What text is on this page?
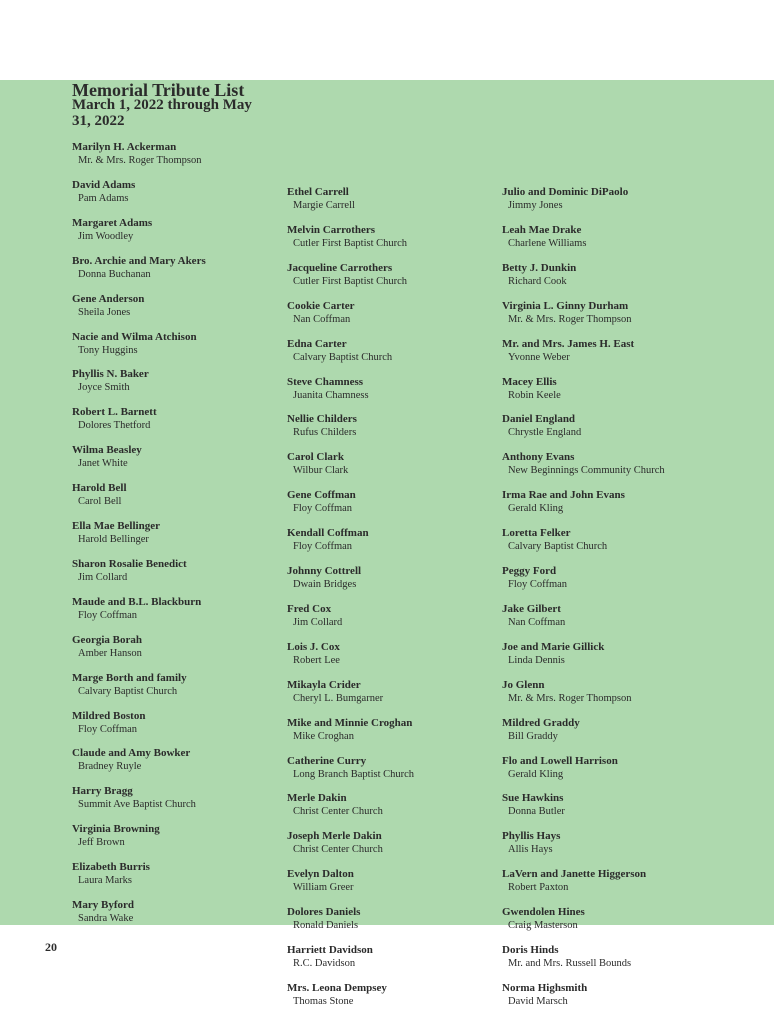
Memorial Tribute List
March 1, 2022 through May 31, 2022
Marilyn H. Ackerman
Mr. & Mrs. Roger Thompson
David Adams
Pam Adams
Margaret Adams
Jim Woodley
Bro. Archie and Mary Akers
Donna Buchanan
Gene Anderson
Sheila Jones
Nacie and Wilma Atchison
Tony Huggins
Phyllis N. Baker
Joyce Smith
Robert L. Barnett
Dolores Thetford
Wilma Beasley
Janet White
Harold Bell
Carol Bell
Ella Mae Bellinger
Harold Bellinger
Sharon Rosalie Benedict
Jim Collard
Maude and B.L. Blackburn
Floy Coffman
Georgia Borah
Amber Hanson
Marge Borth and family
Calvary Baptist Church
Mildred Boston
Floy Coffman
Claude and Amy Bowker
Bradney Ruyle
Harry Bragg
Summit Ave Baptist Church
Virginia Browning
Jeff Brown
Elizabeth Burris
Laura Marks
Mary Byford
Sandra Wake
Ethel Carrell
Margie Carrell
Melvin Carrothers
Cutler First Baptist Church
Jacqueline Carrothers
Cutler First Baptist Church
Cookie Carter
Nan Coffman
Edna Carter
Calvary Baptist Church
Steve Chamness
Juanita Chamness
Nellie Childers
Rufus Childers
Carol Clark
Wilbur Clark
Gene Coffman
Floy Coffman
Kendall Coffman
Floy Coffman
Johnny Cottrell
Dwain Bridges
Fred Cox
Jim Collard
Lois J. Cox
Robert Lee
Mikayla Crider
Cheryl L. Bumgarner
Mike and Minnie Croghan
Mike Croghan
Catherine Curry
Long Branch Baptist Church
Merle Dakin
Christ Center Church
Joseph Merle Dakin
Christ Center Church
Evelyn Dalton
William Greer
Dolores Daniels
Ronald Daniels
Harriett Davidson
R.C. Davidson
Mrs. Leona Dempsey
Thomas Stone
Julio and Dominic DiPaolo
Jimmy Jones
Leah Mae Drake
Charlene Williams
Betty J. Dunkin
Richard Cook
Virginia L. Ginny Durham
Mr. & Mrs. Roger Thompson
Mr. and Mrs. James H. East
Yvonne Weber
Macey Ellis
Robin Keele
Daniel England
Chrystle England
Anthony Evans
New Beginnings Community Church
Irma Rae and John Evans
Gerald Kling
Loretta Felker
Calvary Baptist Church
Peggy Ford
Floy Coffman
Jake Gilbert
Nan Coffman
Joe and Marie Gillick
Linda Dennis
Jo Glenn
Mr. & Mrs. Roger Thompson
Mildred Graddy
Bill Graddy
Flo and Lowell Harrison
Gerald Kling
Sue Hawkins
Donna Butler
Phyllis Hays
Allis Hays
LaVern and Janette Higgerson
Robert Paxton
Gwendolen Hines
Craig Masterson
Doris Hinds
Mr. and Mrs. Russell Bounds
Norma Highsmith
David Marsch
20
